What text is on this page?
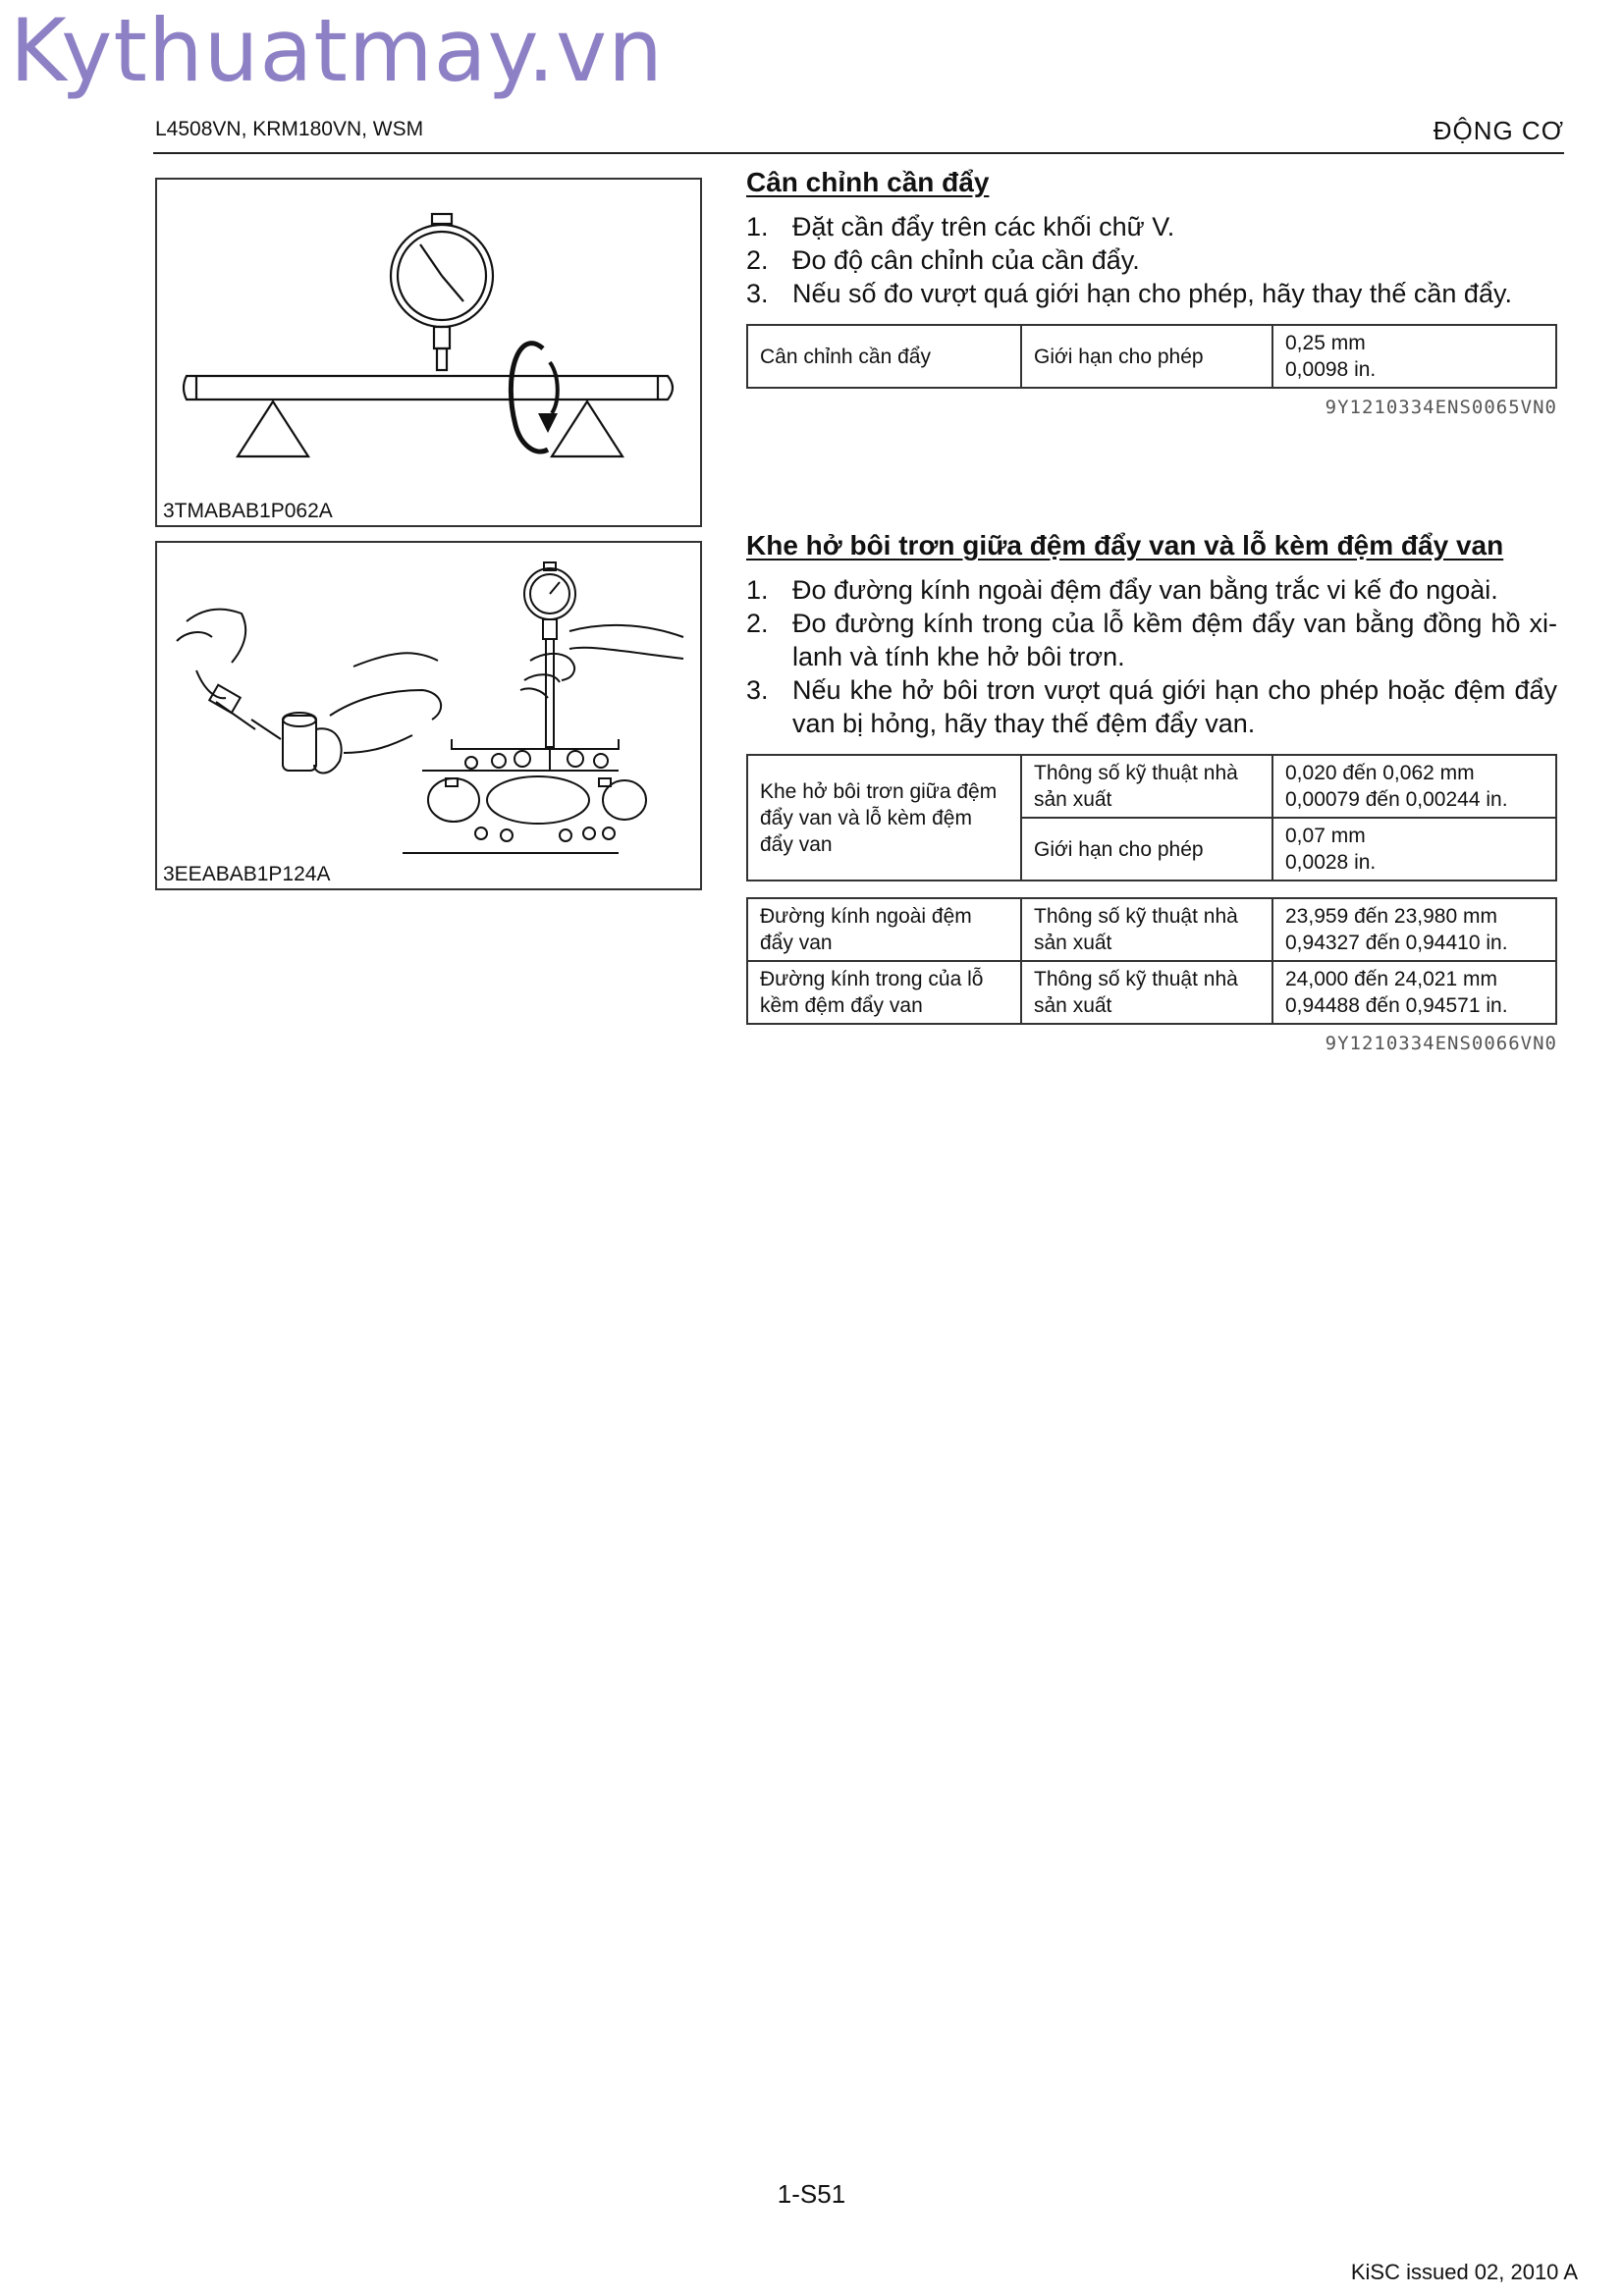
Kythuatmay.vn
L4508VN, KRM180VN, WSM	ĐỘNG CƠ
3TMABAB1P062A
3EEABAB1P124A
Cân chỉnh cần đẩy
1. Đặt cần đẩy trên các khối chữ V.
2. Đo độ cân chỉnh của cần đẩy.
3. Nếu số đo vượt quá giới hạn cho phép, hãy thay thế cần đẩy.
Cân chỉnh cần đẩy	Giới hạn cho phép	
0,25 mm
0,0098 in.
9Y1210334ENS0065VN0
Khe hở bôi trơn giữa đệm đẩy van và lỗ kèm đệm đẩy van
1. Đo đường kính ngoài đệm đẩy van bằng trắc vi kế đo ngoài.
2. Đo đường kính trong của lỗ kềm đệm đẩy van bằng đồng hồ xi-lanh và tính khe hở bôi trơn.
3. Nếu khe hở bôi trơn vượt quá giới hạn cho phép hoặc đệm đẩy van bị hỏng, hãy thay thế đệm đẩy van.
Khe hở bôi trơn giữa đệm đẩy van và lỗ kèm đệm đẩy van	Thông số kỹ thuật nhà sản xuất	0,020 đến 0,062 mm
0,00079 đến 0,00244 in.

	Giới hạn cho phép	0,07 mm
0,0028 in.
Đường kính ngoài đệm đẩy van	Thông số kỹ thuật nhà sản xuất	23,959 đến 23,980 mm
0,94327 đến 0,94410 in.

Đường kính trong của lỗ kềm đệm đẩy van	Thông số kỹ thuật nhà sản xuất	24,000 đến 24,021 mm
0,94488 đến 0,94571 in.
9Y1210334ENS0066VN0
1-S51
KiSC issued 02, 2010 A
